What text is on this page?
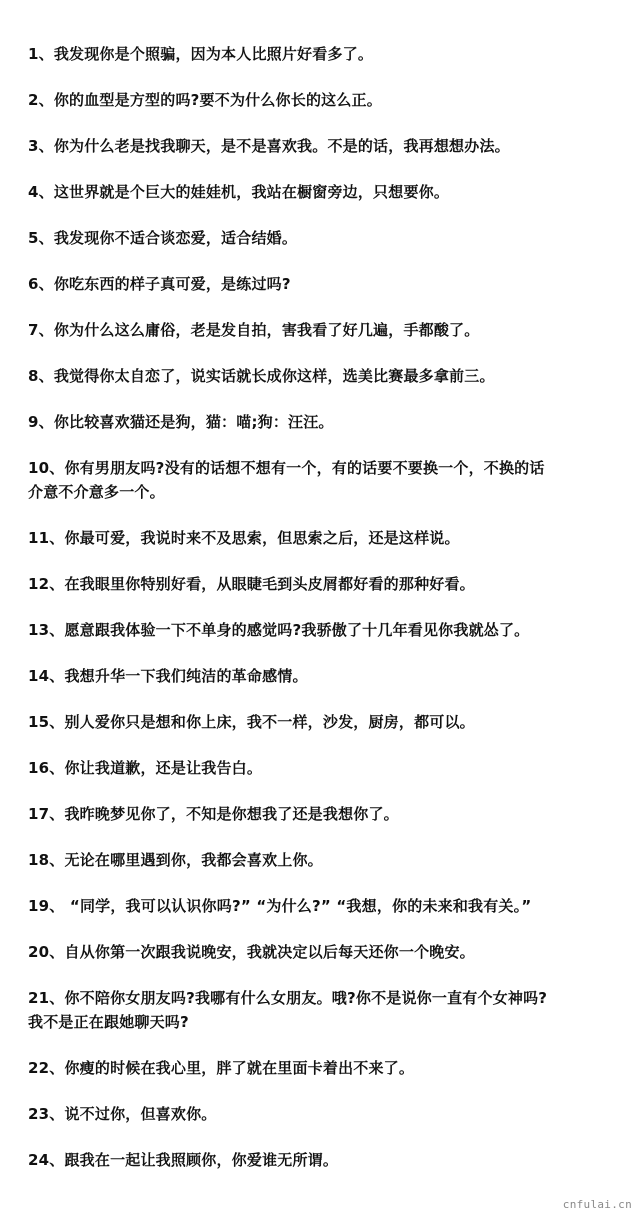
1、我发现你是个照骗，因为本人比照片好看多了。
2、你的血型是方型的吗?要不为什么你长的这么正。
3、你为什么老是找我聊天，是不是喜欢我。不是的话，我再想想办法。
4、这世界就是个巨大的娃娃机，我站在橱窗旁边，只想要你。
5、我发现你不适合谈恋爱，适合结婚。
6、你吃东西的样子真可爱，是练过吗?
7、你为什么这么庸俗，老是发自拍，害我看了好几遍，手都酸了。
8、我觉得你太自恋了，说实话就长成你这样，选美比赛最多拿前三。
9、你比较喜欢猫还是狗，猫：喵;狗：汪汪。
10、你有男朋友吗?没有的话想不想有一个，有的话要不要换一个，不换的话
介意不介意多一个。
11、你最可爱，我说时来不及思索，但思索之后，还是这样说。
12、在我眼里你特别好看，从眼睫毛到头皮屑都好看的那种好看。
13、愿意跟我体验一下不单身的感觉吗?我骄傲了十几年看见你我就怂了。
14、我想升华一下我们纯洁的革命感情。
15、别人爱你只是想和你上床，我不一样，沙发，厨房，都可以。
16、你让我道歉，还是让我告白。
17、我昨晚梦见你了，不知是你想我了还是我想你了。
18、无论在哪里遇到你，我都会喜欢上你。
19、 “同学，我可以认识你吗?” “为什么?” “我想，你的未来和我有关。”
20、自从你第一次跟我说晚安，我就决定以后每天还你一个晚安。
21、你不陪你女朋友吗?我哪有什么女朋友。哦?你不是说你一直有个女神吗?
我不是正在跟她聊天吗?
22、你瘦的时候在我心里，胖了就在里面卡着出不来了。
23、说不过你，但喜欢你。
24、跟我在一起让我照顾你，你爱谁无所谓。
cnfulai.cn
